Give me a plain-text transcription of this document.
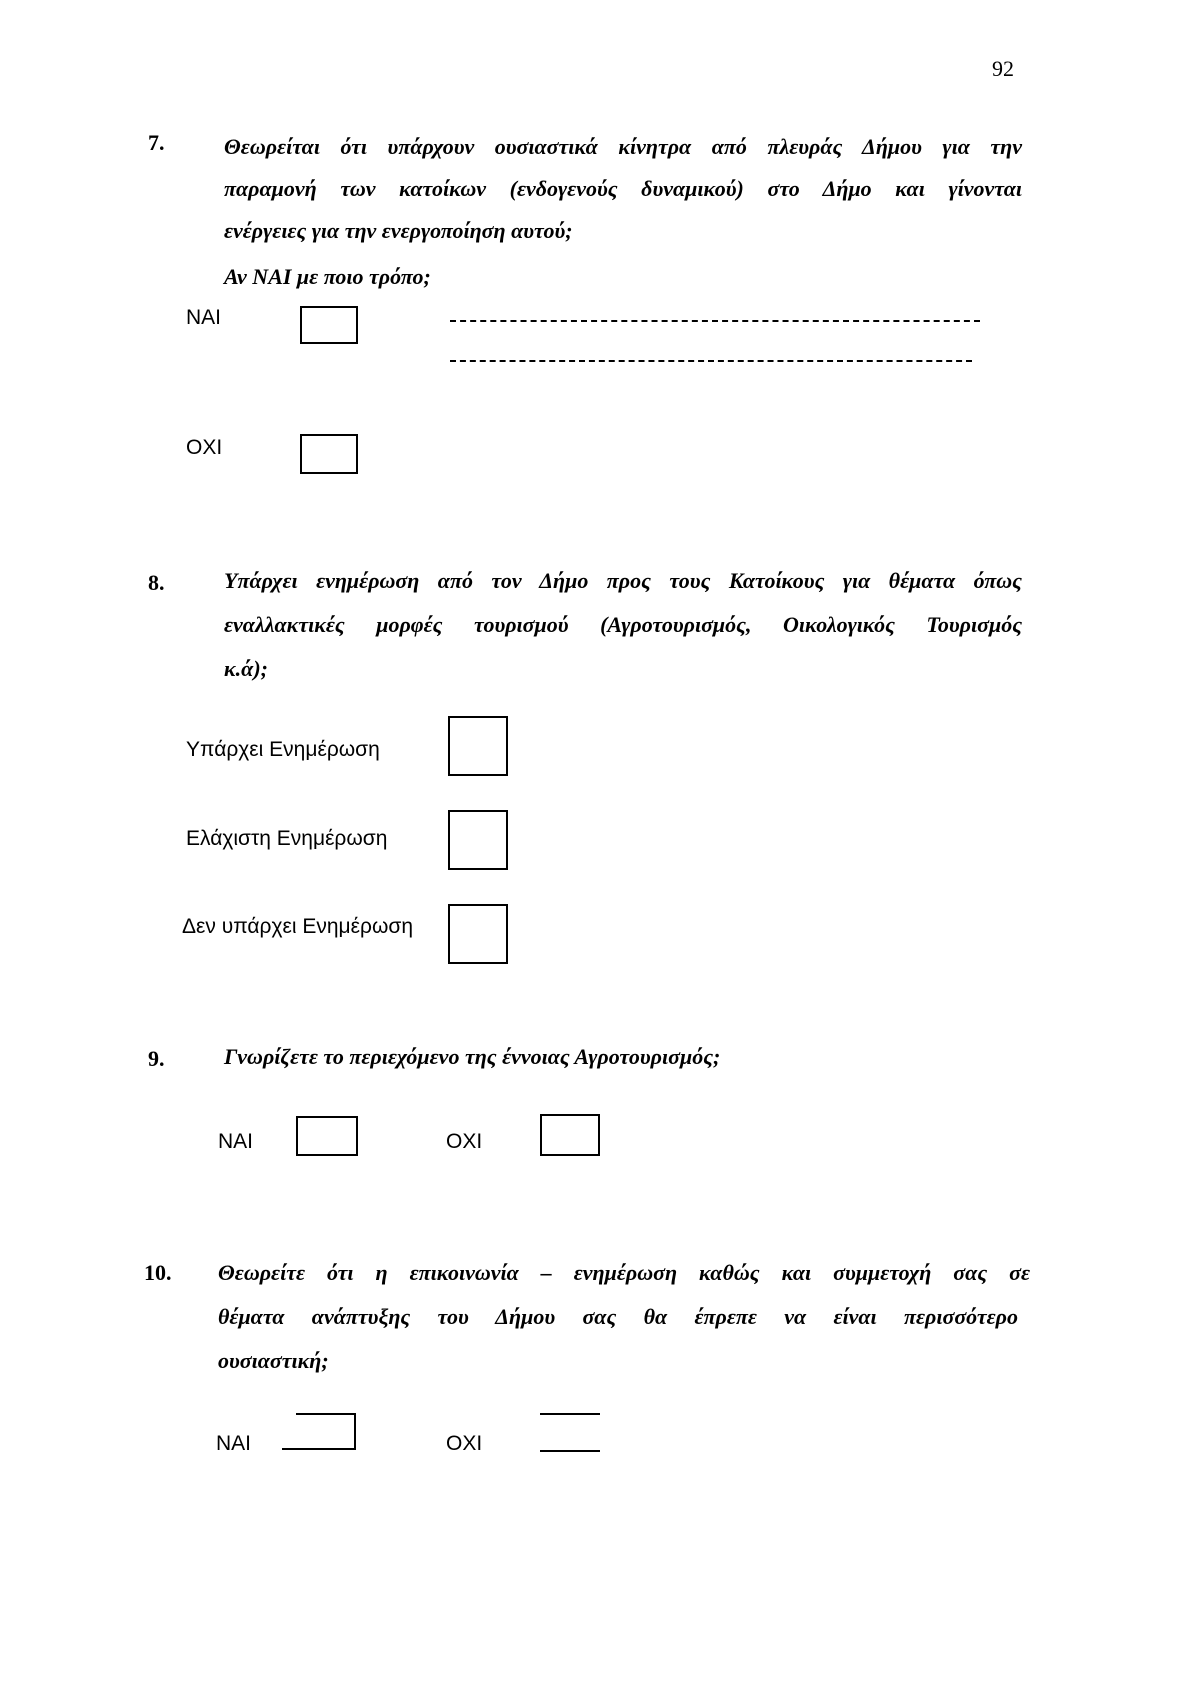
92
7.	Θεωρείται ότι υπάρχουν ουσιαστικά κίνητρα από πλευράς Δήμου για την
παραμονή των κατοίκων (ενδογενούς δυναμικού) στο Δήμο και γίνονται
ενέργειες για την ενεργοποίηση αυτού;
Αν ΝΑΙ με ποιο τρόπο;
ΝΑΙ
ΟΧΙ
8.	Υπάρχει ενημέρωση από τον Δήμο προς τους Κατοίκους για θέματα όπως
εναλλακτικές μορφές τουρισμού (Αγροτουρισμός, Οικολογικός Τουρισμός
κ.ά);
Υπάρχει Ενημέρωση
Ελάχιστη Ενημέρωση
Δεν υπάρχει Ενημέρωση
9.	Γνωρίζετε το περιεχόμενο της έννοιας Αγροτουρισμός;
ΝΑΙ	ΟΧΙ
10. Θεωρείτε ότι η επικοινωνία – ενημέρωση καθώς και συμμετοχή σας σε
θέματα ανάπτυξης του Δήμου σας θα έπρεπε να είναι περισσότερο
ουσιαστική;
ΝΑΙ	ΟΧΙ
